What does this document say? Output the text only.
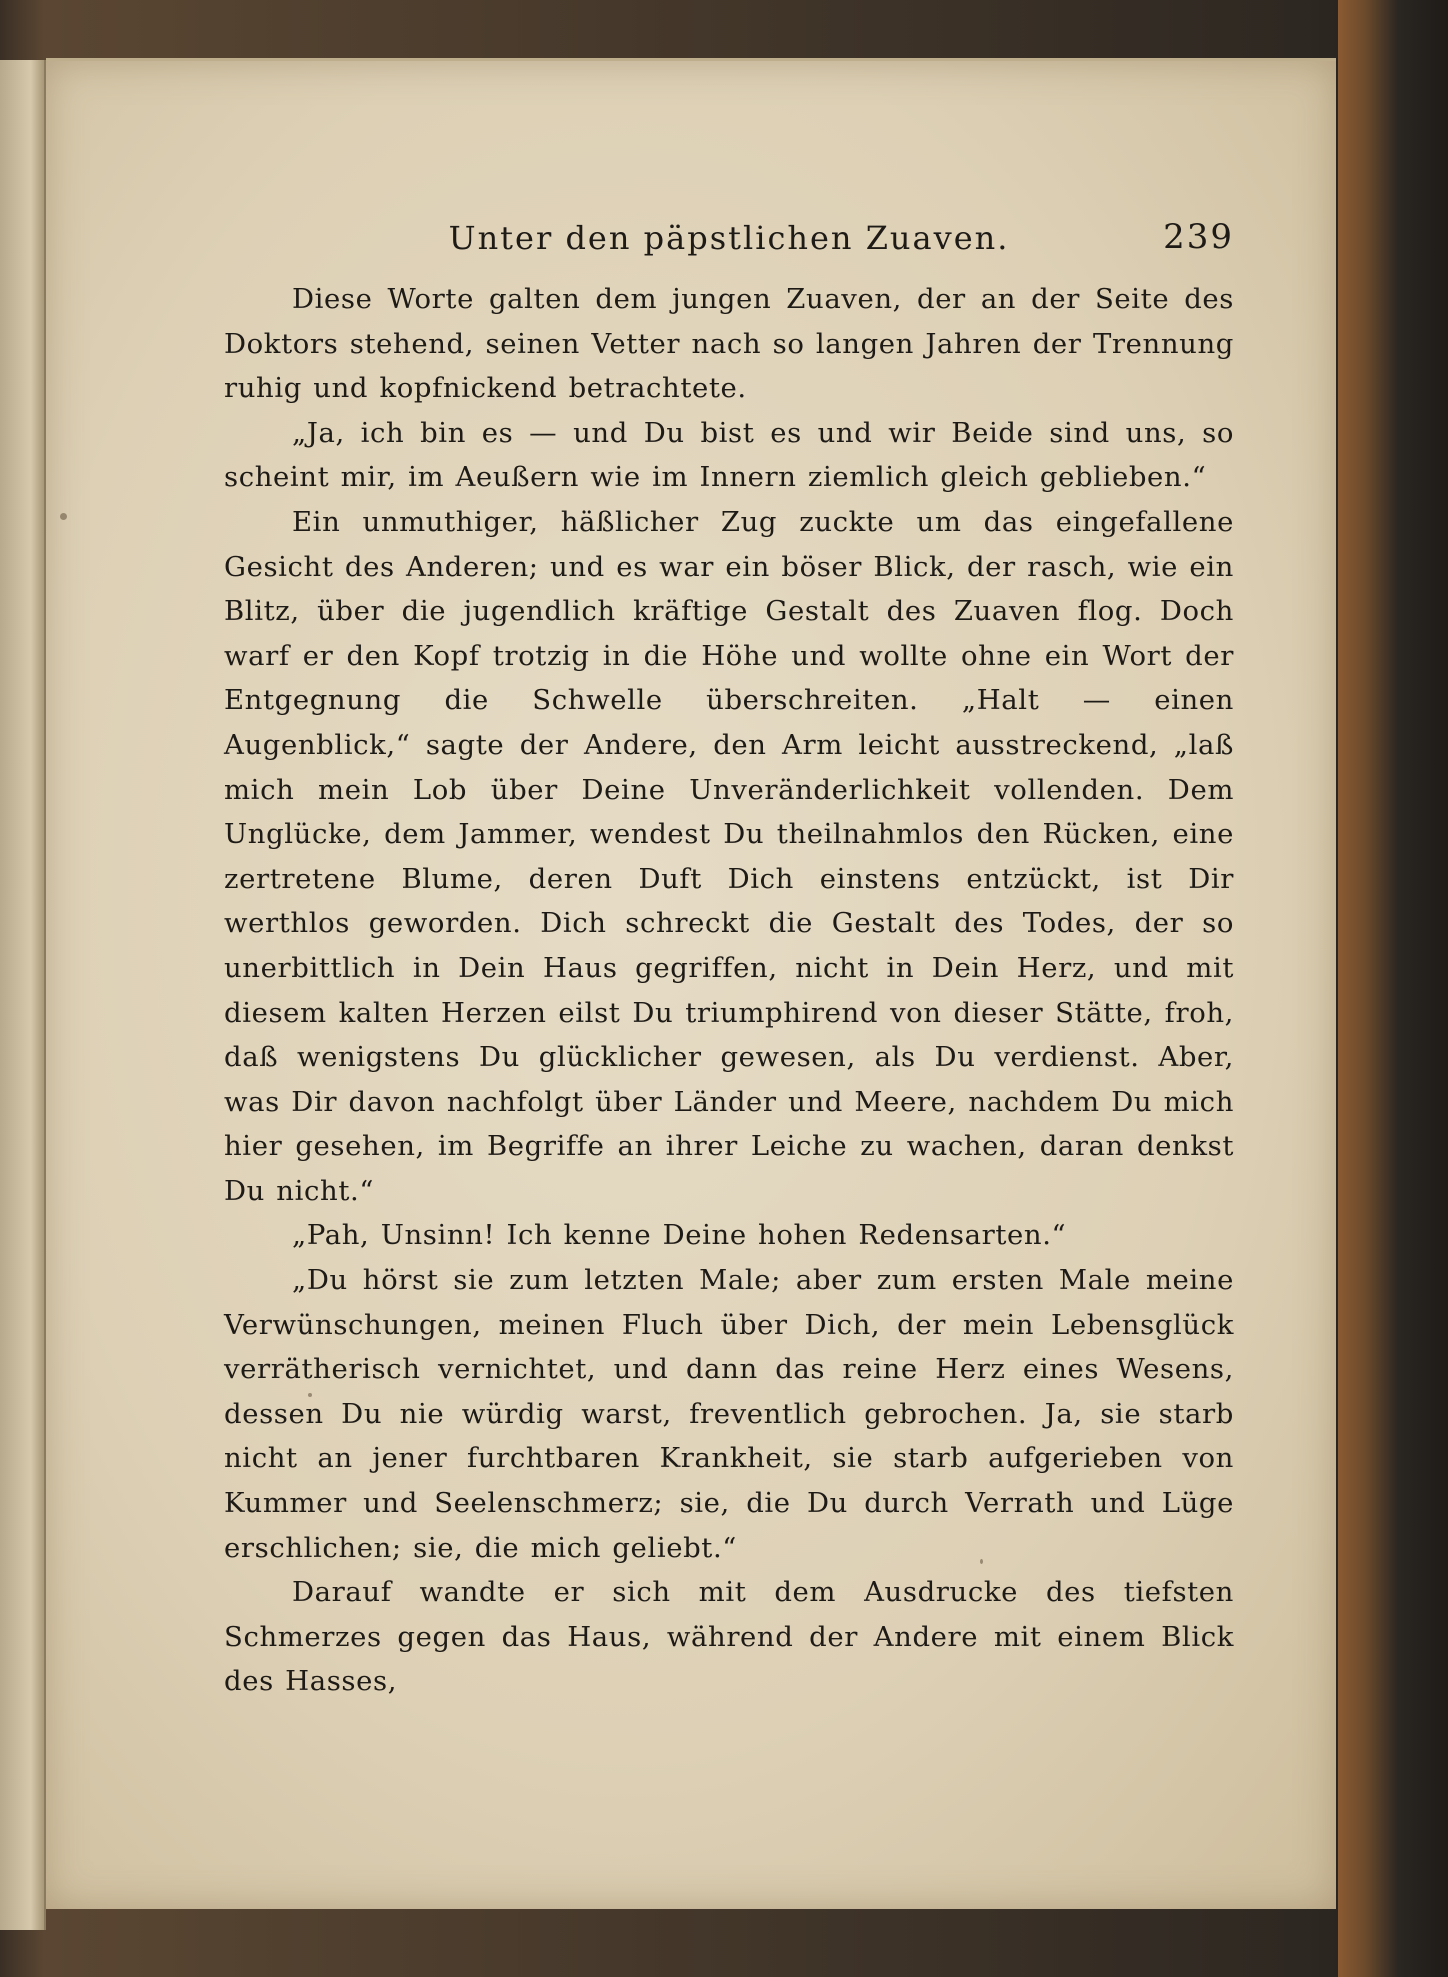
Unter den päpstlichen Zuaven.	239

Diese Worte galten dem jungen Zuaven, der an der Seite des Doktors stehend, seinen Vetter nach so langen Jahren der Trennung ruhig und kopfnickend betrachtete.

„Ja, ich bin es — und Du bist es und wir Beide sind uns, so scheint mir, im Aeußern wie im Innern ziemlich gleich geblieben.“

Ein unmuthiger, häßlicher Zug zuckte um das eingefallene Gesicht des Anderen; und es war ein böser Blick, der rasch, wie ein Blitz, über die jugendlich kräftige Gestalt des Zuaven flog. Doch warf er den Kopf trotzig in die Höhe und wollte ohne ein Wort der Entgegnung die Schwelle überschreiten. „Halt — einen Augenblick,“ sagte der Andere, den Arm leicht ausstreckend, „laß mich mein Lob über Deine Unveränderlichkeit vollenden. Dem Unglücke, dem Jammer, wendest Du theilnahmlos den Rücken, eine zertretene Blume, deren Duft Dich einstens entzückt, ist Dir werthlos geworden. Dich schreckt die Gestalt des Todes, der so unerbittlich in Dein Haus gegriffen, nicht in Dein Herz, und mit diesem kalten Herzen eilst Du triumphirend von dieser Stätte, froh, daß wenigstens Du glücklicher gewesen, als Du verdienst. Aber, was Dir davon nachfolgt über Länder und Meere, nachdem Du mich hier gesehen, im Begriffe an ihrer Leiche zu wachen, daran denkst Du nicht.“

„Pah, Unsinn! Ich kenne Deine hohen Redensarten.“

„Du hörst sie zum letzten Male; aber zum ersten Male meine Verwünschungen, meinen Fluch über Dich, der mein Lebensglück verrätherisch vernichtet, und dann das reine Herz eines Wesens, dessen Du nie würdig warst, freventlich gebrochen. Ja, sie starb nicht an jener furchtbaren Krankheit, sie starb aufgerieben von Kummer und Seelenschmerz; sie, die Du durch Verrath und Lüge erschlichen; sie, die mich geliebt.“

Darauf wandte er sich mit dem Ausdrucke des tiefsten Schmerzes gegen das Haus, während der Andere mit einem Blick des Hasses,
